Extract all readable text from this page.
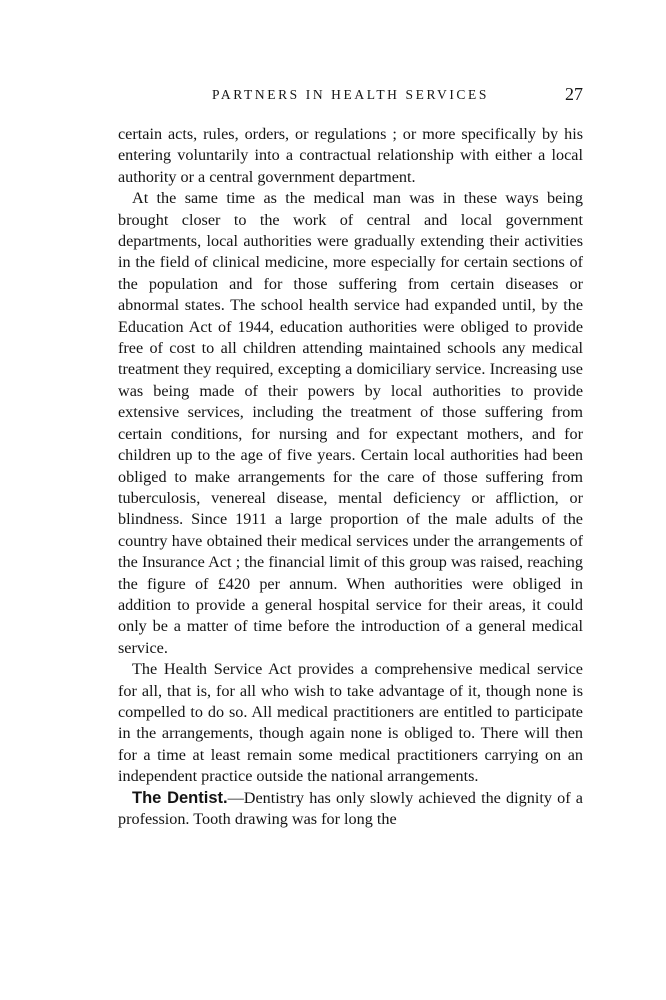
PARTNERS IN HEALTH SERVICES	27

certain acts, rules, orders, or regulations ; or more specifically by his entering voluntarily into a contractual relationship with either a local authority or a central government department.

At the same time as the medical man was in these ways being brought closer to the work of central and local government departments, local authorities were gradually extending their activities in the field of clinical medicine, more especially for certain sections of the population and for those suffering from certain diseases or abnormal states. The school health service had expanded until, by the Education Act of 1944, education authorities were obliged to provide free of cost to all children attending maintained schools any medical treatment they required, excepting a domiciliary service. Increasing use was being made of their powers by local authorities to provide extensive services, including the treatment of those suffering from certain conditions, for nursing and for expectant mothers, and for children up to the age of five years. Certain local authorities had been obliged to make arrangements for the care of those suffering from tuberculosis, venereal disease, mental deficiency or affliction, or blindness. Since 1911 a large proportion of the male adults of the country have obtained their medical services under the arrangements of the Insurance Act ; the financial limit of this group was raised, reaching the figure of £420 per annum. When authorities were obliged in addition to provide a general hospital service for their areas, it could only be a matter of time before the introduction of a general medical service.

The Health Service Act provides a comprehensive medical service for all, that is, for all who wish to take advantage of it, though none is compelled to do so. All medical practitioners are entitled to participate in the arrangements, though again none is obliged to. There will then for a time at least remain some medical practitioners carrying on an independent practice outside the national arrangements.

The Dentist.—Dentistry has only slowly achieved the dignity of a profession. Tooth drawing was for long the
